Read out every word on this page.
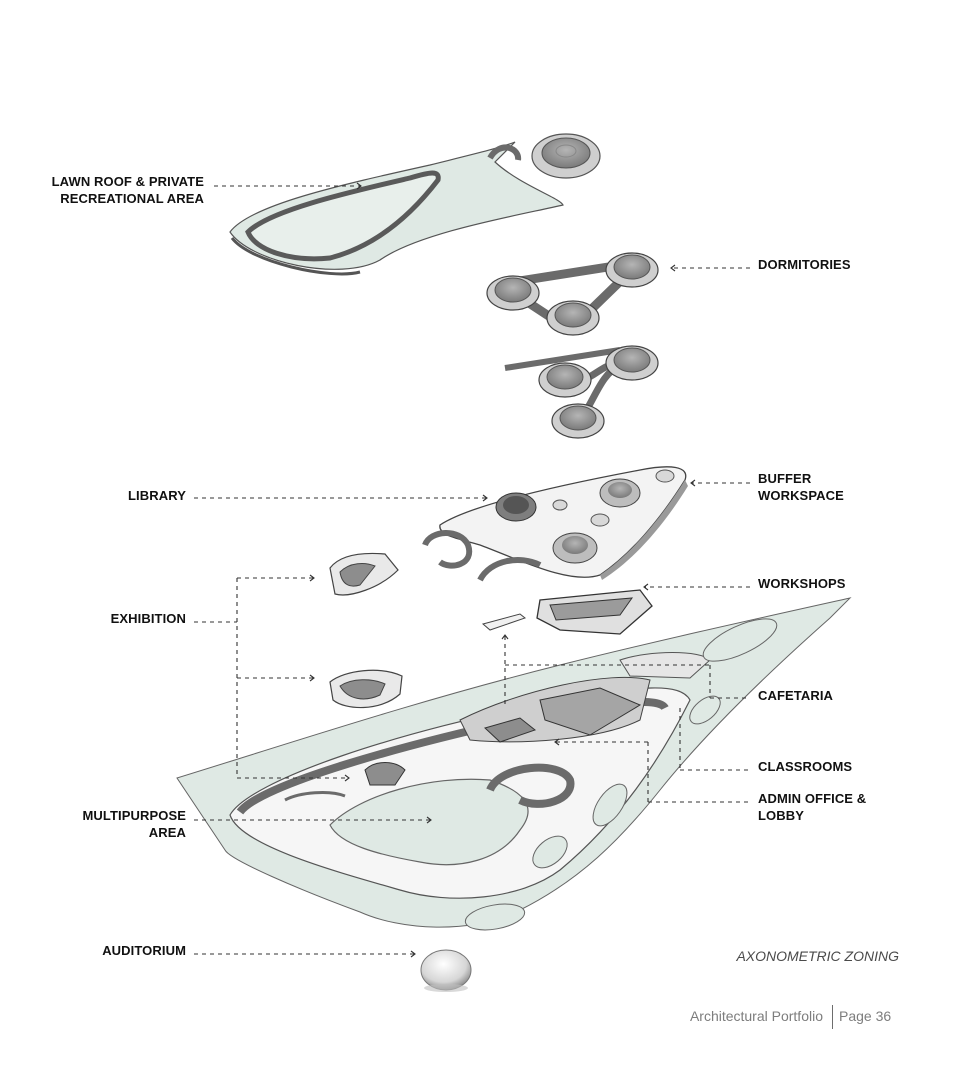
LAWN ROOF & PRIVATE
RECREATIONAL AREA
DORMITORIES
LIBRARY
BUFFER
WORKSPACE
EXHIBITION
WORKSHOPS
CAFETARIA
CLASSROOMS
MULTIPURPOSE
AREA
ADMIN OFFICE &
LOBBY
AUDITORIUM	AXONOMETRIC ZONING
Architectural Portfolio Page 36
